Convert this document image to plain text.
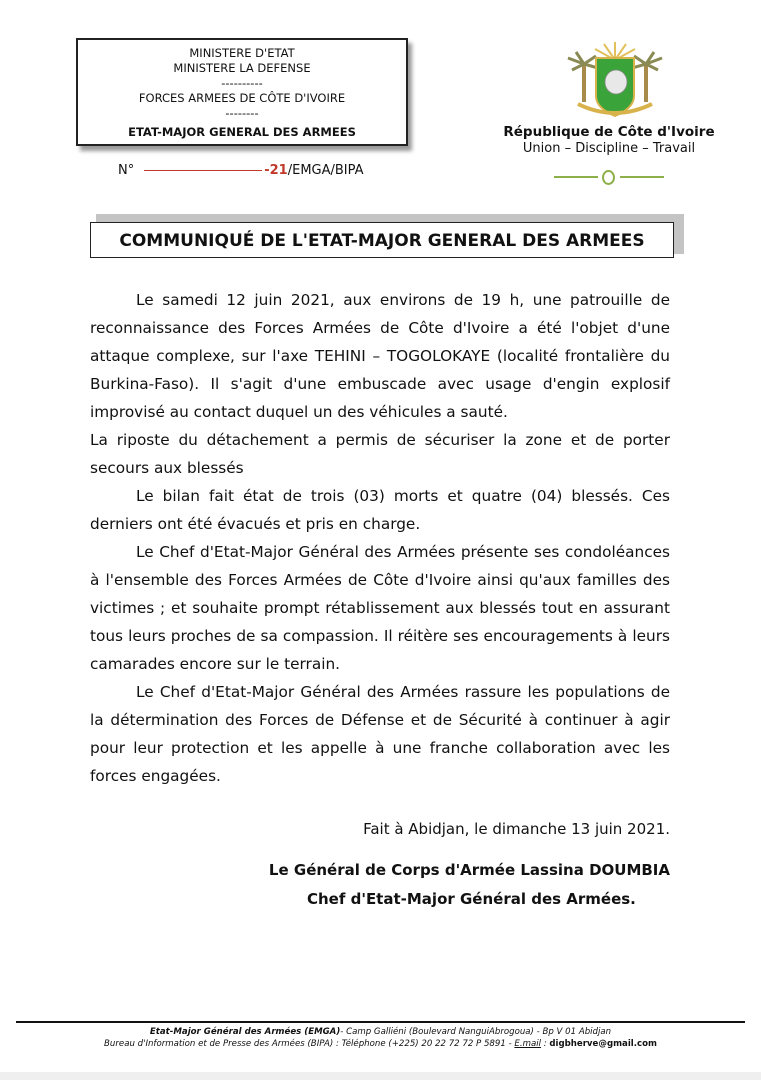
MINISTERE D'ETAT
MINISTERE LA DEFENSE
----------
FORCES ARMEES DE CÔTE D'IVOIRE
--------
ETAT-MAJOR GENERAL DES ARMEES
N°	-21/EMGA/BIPA
République de Côte d'Ivoire
Union – Discipline – Travail
COMMUNIQUÉ DE L'ETAT-MAJOR GENERAL DES ARMEES

Le samedi 12 juin 2021, aux environs de 19 h, une patrouille de reconnaissance des Forces Armées de Côte d'Ivoire a été l'objet d'une attaque complexe, sur l'axe TEHINI – TOGOLOKAYE (localité frontalière du Burkina-Faso). Il s'agit d'une embuscade avec usage d'engin explosif improvisé au contact duquel un des véhicules a sauté.

La riposte du détachement a permis de sécuriser la zone et de porter secours aux blessés

Le bilan fait état de trois (03) morts et quatre (04) blessés. Ces derniers ont été évacués et pris en charge.

Le Chef d'Etat-Major Général des Armées présente ses condoléances à l'ensemble des Forces Armées de Côte d'Ivoire ainsi qu'aux familles des victimes ; et souhaite prompt rétablissement aux blessés tout en assurant tous leurs proches de sa compassion. Il réitère ses encouragements à leurs camarades encore sur le terrain.

Le Chef d'Etat-Major Général des Armées rassure les populations de la détermination des Forces de Défense et de Sécurité à continuer à agir pour leur protection et les appelle à une franche collaboration avec les forces engagées.

Fait à Abidjan, le dimanche 13 juin 2021.
Le Général de Corps d'Armée Lassina DOUMBIA
Chef d'Etat-Major Général des Armées.
Etat-Major Général des Armées (EMGA)- Camp Galliéni (Boulevard NanguiAbrogoua) - Bp V 01 Abidjan
Bureau d'Information et de Presse des Armées (BIPA) : Téléphone (+225) 20 22 72 72 P 5891 - E.mail : digbherve@gmail.com
